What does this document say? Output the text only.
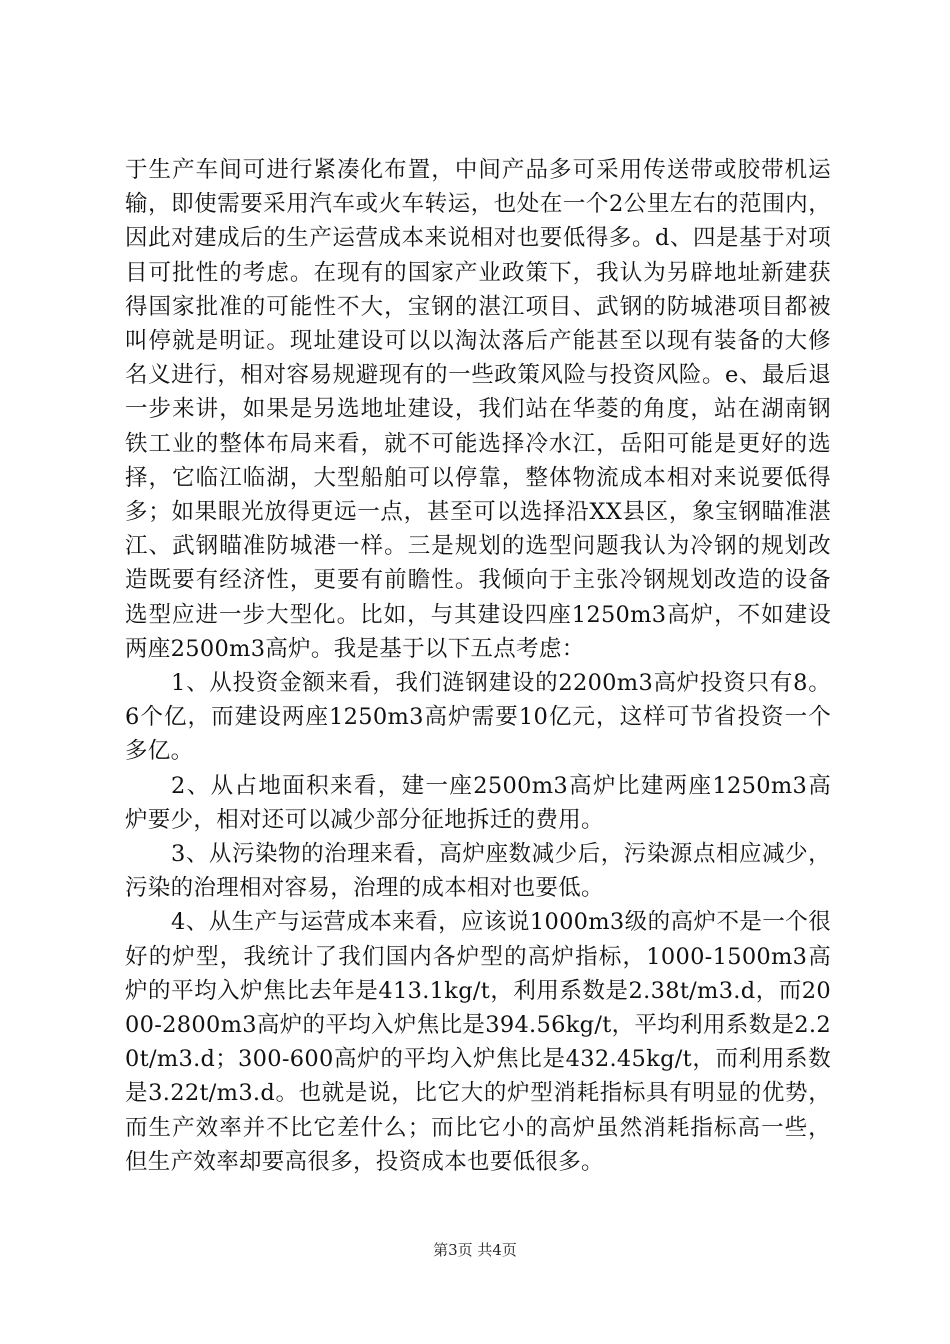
于生产车间可进行紧凑化布置，中间产品多可采用传送带或胶带机运输，即使需要采用汽车或火车转运，也处在一个2公里左右的范围内，因此对建成后的生产运营成本来说相对也要低得多。d、四是基于对项目可批性的考虑。在现有的国家产业政策下，我认为另辟地址新建获得国家批准的可能性不大，宝钢的湛江项目、武钢的防城港项目都被叫停就是明证。现址建设可以以淘汰落后产能甚至以现有装备的大修名义进行，相对容易规避现有的一些政策风险与投资风险。e、最后退一步来讲，如果是另选地址建设，我们站在华菱的角度，站在湖南钢铁工业的整体布局来看，就不可能选择冷水江，岳阳可能是更好的选择，它临江临湖，大型船舶可以停靠，整体物流成本相对来说要低得多；如果眼光放得更远一点，甚至可以选择沿XX县区，象宝钢瞄准湛江、武钢瞄准防城港一样。三是规划的选型问题我认为冷钢的规划改造既要有经济性，更要有前瞻性。我倾向于主张冷钢规划改造的设备选型应进一步大型化。比如，与其建设四座1250m3高炉，不如建设两座2500m3高炉。我是基于以下五点考虑：

1、从投资金额来看，我们涟钢建设的2200m3高炉投资只有8。6个亿，而建设两座1250m3高炉需要10亿元，这样可节省投资一个多亿。

2、从占地面积来看，建一座2500m3高炉比建两座1250m3高炉要少，相对还可以减少部分征地拆迁的费用。

3、从污染物的治理来看，高炉座数减少后，污染源点相应减少，污染的治理相对容易，治理的成本相对也要低。

4、从生产与运营成本来看，应该说1000m3级的高炉不是一个很好的炉型，我统计了我们国内各炉型的高炉指标，1000-1500m3高炉的平均入炉焦比去年是413.1kg/t，利用系数是2.38t/m3.d，而2000-2800m3高炉的平均入炉焦比是394.56kg/t，平均利用系数是2.20t/m3.d；300-600高炉的平均入炉焦比是432.45kg/t，而利用系数是3.22t/m3.d。也就是说，比它大的炉型消耗指标具有明显的优势，而生产效率并不比它差什么；而比它小的高炉虽然消耗指标高一些，但生产效率却要高很多，投资成本也要低很多。

第3页 共4页
